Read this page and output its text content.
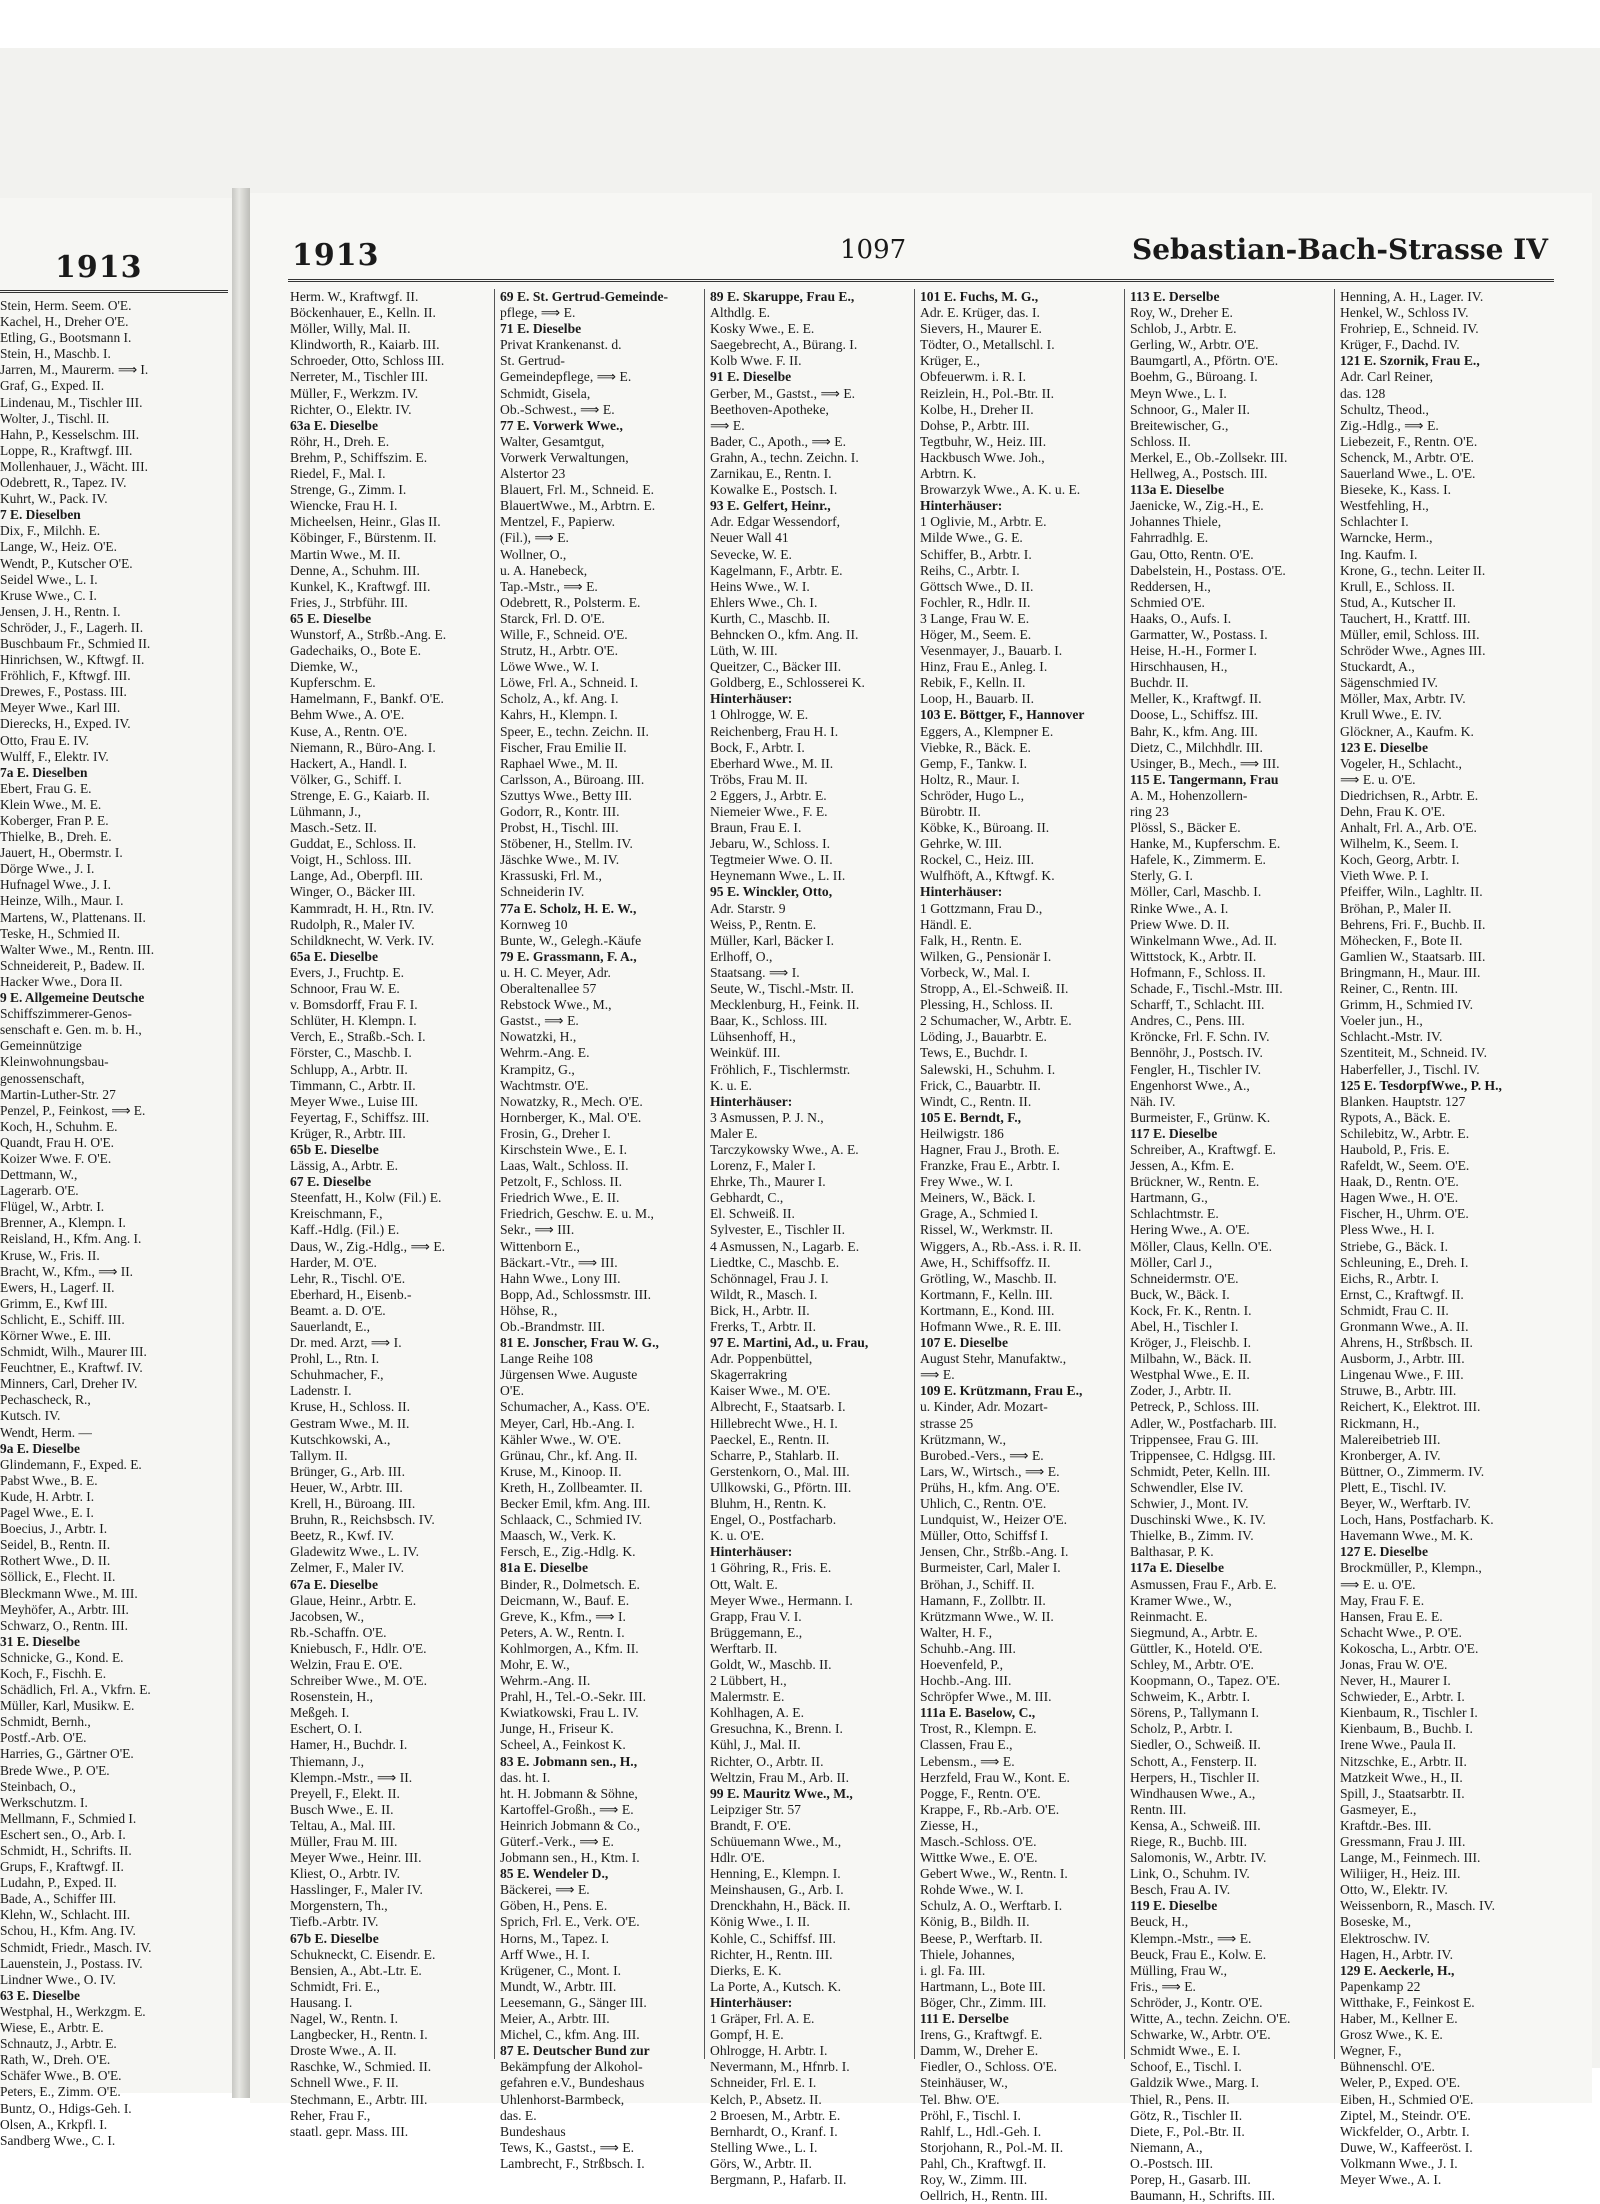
1913
Stein, Herm. Seem. O'E.
Kachel, H., Dreher O'E.
Etling, G., Bootsmann I.
Stein, H., Maschb. I.
Jarren, M., Maurerm. ⟹ I.
Graf, G., Exped. II.
Lindenau, M., Tischler III.
Wolter, J., Tischl. II.
Hahn, P., Kesselschm. III.
Loppe, R., Kraftwgf. III.
Mollenhauer, J., Wächt. III.
Odebrett, R., Tapez. IV.
Kuhrt, W., Pack. IV.
7 E. Dieselben
Dix, F., Milchh. E.
Lange, W., Heiz. O'E.
Wendt, P., Kutscher O'E.
Seidel Wwe., L. I.
Kruse Wwe., C. I.
Jensen, J. H., Rentn. I.
Schröder, J., F., Lagerh. II.
Buschbaum Fr., Schmied II.
Hinrichsen, W., Kftwgf. II.
Fröhlich, F., Kftwgf. III.
Drewes, F., Postass. III.
Meyer Wwe., Karl III.
Dierecks, H., Exped. IV.
Otto, Frau E. IV.
Wulff, F., Elektr. IV.
7a E. Dieselben
Ebert, Frau G. E.
Klein Wwe., M. E.
Koberger, Fran P. E.
Thielke, B., Dreh. E.
Jauert, H., Obermstr. I.
Dörge Wwe., J. I.
Hufnagel Wwe., J. I.
Heinze, Wilh., Maur. I.
Martens, W., Plattenans. II.
Teske, H., Schmied II.
Walter Wwe., M., Rentn. III.
Schneidereit, P., Badew. II.
Hacker Wwe., Dora II.
9 E. Allgemeine Deutsche
Schiffszimmerer-Genos-
senschaft e. Gen. m. b. H.,
Gemeinnützige
Kleinwohnungsbau-
genossenschaft,
Martin-Luther-Str. 27
Penzel, P., Feinkost, ⟹ E.
Koch, H., Schuhm. E.
Quandt, Frau H. O'E.
Koizer Wwe. F. O'E.
Dettmann, W.,
Lagerarb. O'E.
Flügel, W., Arbtr. I.
Brenner, A., Klempn. I.
Reisland, H., Kfm. Ang. I.
Kruse, W., Fris. II.
Bracht, W., Kfm., ⟹ II.
Ewers, H., Lagerf. II.
Grimm, E., Kwf III.
Schlicht, E., Schiff. III.
Körner Wwe., E. III.
Schmidt, Wilh., Maurer III.
Feuchtner, E., Kraftwf. IV.
Minners, Carl, Dreher IV.
Pechascheck, R.,
Kutsch. IV.
Wendt, Herm. —
9a E. Dieselbe
Glindemann, F., Exped. E.
Pabst Wwe., B. E.
Kude, H. Arbtr. I.
Pagel Wwe., E. I.
Boecius, J., Arbtr. I.
Seidel, B., Rentn. II.
Rothert Wwe., D. II.
Söllick, E., Flecht. II.
Bleckmann Wwe., M. III.
Meyhöfer, A., Arbtr. III.
Schwarz, O., Rentn. III.
31 E. Dieselbe
Schnicke, G., Kond. E.
Koch, F., Fischh. E.
Schädlich, Frl. A., Vkfrn. E.
Müller, Karl, Musikw. E.
Schmidt, Bernh.,
Postf.-Arb. O'E.
Harries, G., Gärtner O'E.
Brede Wwe., P. O'E.
Steinbach, O.,
Werkschutzm. I.
Mellmann, F., Schmied I.
Eschert sen., O., Arb. I.
Schmidt, H., Schrifts. II.
Grups, F., Kraftwgf. II.
Ludahn, P., Exped. II.
Bade, A., Schiffer III.
Klehn, W., Schlacht. III.
Schou, H., Kfm. Ang. IV.
Schmidt, Friedr., Masch. IV.
Lauenstein, J., Postass. IV.
Lindner Wwe., O. IV.
63 E. Dieselbe
Westphal, H., Werkzgm. E.
Wiese, E., Arbtr. E.
Schnautz, J., Arbtr. E.
Rath, W., Dreh. O'E.
Schäfer Wwe., B. O'E.
Peters, E., Zimm. O'E.
Buntz, O., Hdigs-Geh. I.
Olsen, A., Krkpfl. I.
Sandberg Wwe., C. I.
1913	1097	Sebastian-Bach-Strasse IV
Herm. W., Kraftwgf. II.
Böckenhauer, E., Kelln. II.
Möller, Willy, Mal. II.
Klindworth, R., Kaiarb. III.
Schroeder, Otto, Schloss III.
Nerreter, M., Tischler III.
Müller, F., Werkzm. IV.
Richter, O., Elektr. IV.
63a E. Dieselbe
Röhr, H., Dreh. E.
Brehm, P., Schiffszim. E.
Riedel, F., Mal. I.
Strenge, G., Zimm. I.
Wiencke, Frau H. I.
Micheelsen, Heinr., Glas II.
Köbinger, F., Bürstenm. II.
Martin Wwe., M. II.
Denne, A., Schuhm. III.
Kunkel, K., Kraftwgf. III.
Fries, J., Strbführ. III.
65 E. Dieselbe
Wunstorf, A., Strßb.-Ang. E.
Gadechaiks, O., Bote E.
Diemke, W.,
Kupferschm. E.
Hamelmann, F., Bankf. O'E.
Behm Wwe., A. O'E.
Kuse, A., Rentn. O'E.
Niemann, R., Büro-Ang. I.
Hackert, A., Handl. I.
Völker, G., Schiff. I.
Strenge, E. G., Kaiarb. II.
Lühmann, J.,
Masch.-Setz. II.
Guddat, E., Schloss. II.
Voigt, H., Schloss. III.
Lange, Ad., Oberpfl. III.
Winger, O., Bäcker III.
Kammradt, H. H., Rtn. IV.
Rudolph, R., Maler IV.
Schildknecht, W. Verk. IV.
65a E. Dieselbe
Evers, J., Fruchtp. E.
Schnoor, Frau W. E.
v. Bomsdorff, Frau F. I.
Schlüter, H. Klempn. I.
Verch, E., Straßb.-Sch. I.
Förster, C., Maschb. I.
Schlupp, A., Arbtr. II.
Timmann, C., Arbtr. II.
Meyer Wwe., Luise III.
Feyertag, F., Schiffsz. III.
Krüger, R., Arbtr. III.
65b E. Dieselbe
Lässig, A., Arbtr. E.
67 E. Dieselbe
Steenfatt, H., Kolw (Fil.) E.
Kreischmann, F.,
Kaff.-Hdlg. (Fil.) E.
Daus, W., Zig.-Hdlg., ⟹ E.
Harder, M. O'E.
Lehr, R., Tischl. O'E.
Eberhard, H., Eisenb.-
Beamt. a. D. O'E.
Sauerlandt, E.,
Dr. med. Arzt, ⟹ I.
Prohl, L., Rtn. I.
Schuhmacher, F.,
Ladenstr. I.
Kruse, H., Schloss. II.
Gestram Wwe., M. II.
Kutschkowski, A.,
Tallym. II.
Brünger, G., Arb. III.
Heuer, W., Arbtr. III.
Krell, H., Büroang. III.
Bruhn, R., Reichsbsch. IV.
Beetz, R., Kwf. IV.
Gladewitz Wwe., L. IV.
Zelmer, F., Maler IV.
67a E. Dieselbe
Glaue, Heinr., Arbtr. E.
Jacobsen, W.,
Rb.-Schaffn. O'E.
Kniebusch, F., Hdlr. O'E.
Welzin, Frau E. O'E.
Schreiber Wwe., M. O'E.
Rosenstein, H.,
Meßgeh. I.
Eschert, O. I.
Hamer, H., Buchdr. I.
Thiemann, J.,
Klempn.-Mstr., ⟹ II.
Preyell, F., Elekt. II.
Busch Wwe., E. II.
Teltau, A., Mal. III.
Müller, Frau M. III.
Meyer Wwe., Heinr. III.
Kliest, O., Arbtr. IV.
Hasslinger, F., Maler IV.
Morgenstern, Th.,
Tiefb.-Arbtr. IV.
67b E. Dieselbe
Schukneckt, C. Eisendr. E.
Bensien, A., Abt.-Ltr. E.
Schmidt, Fri. E.,
Hausang. I.
Nagel, W., Rentn. I.
Langbecker, H., Rentn. I.
Droste Wwe., A. II.
Raschke, W., Schmied. II.
Schnell Wwe., F. II.
Stechmann, E., Arbtr. III.
Reher, Frau F.,
staatl. gepr. Mass. III.
69 E. St. Gertrud-Gemeinde-
pflege, ⟹ E.
71 E. Dieselbe
Privat Krankenanst. d.
St. Gertrud-
Gemeindepflege, ⟹ E.
Schmidt, Gisela,
Ob.-Schwest., ⟹ E.
77 E. Vorwerk Wwe.,
Walter, Gesamtgut,
Vorwerk Verwaltungen,
Alstertor 23
Blauert, Frl. M., Schneid. E.
BlauertWwe., M., Arbtrn. E.
Mentzel, F., Papierw.
(Fil.), ⟹ E.
Wollner, O.,
u. A. Hanebeck,
Tap.-Mstr., ⟹ E.
Odebrett, R., Polsterm. E.
Starck, Frl. D. O'E.
Wille, F., Schneid. O'E.
Strutz, H., Arbtr. O'E.
Löwe Wwe., W. I.
Löwe, Frl. A., Schneid. I.
Scholz, A., kf. Ang. I.
Kahrs, H., Klempn. I.
Speer, E., techn. Zeichn. II.
Fischer, Frau Emilie II.
Raphael Wwe., M. II.
Carlsson, A., Büroang. III.
Szuttys Wwe., Betty III.
Godorr, R., Kontr. III.
Probst, H., Tischl. III.
Stöbener, H., Stellm. IV.
Jäschke Wwe., M. IV.
Krassuski, Frl. M.,
Schneiderin IV.
77a E. Scholz, H. E. W.,
Kornweg 10
Bunte, W., Gelegh.-Käufe
79 E. Grassmann, F. A.,
u. H. C. Meyer, Adr.
Oberaltenallee 57
Rebstock Wwe., M.,
Gastst., ⟹ E.
Nowatzki, H.,
Wehrm.-Ang. E.
Krampitz, G.,
Wachtmstr. O'E.
Nowatzky, R., Mech. O'E.
Hornberger, K., Mal. O'E.
Frosin, G., Dreher I.
Kirschstein Wwe., E. I.
Laas, Walt., Schloss. II.
Petzolt, F., Schloss. II.
Friedrich Wwe., E. II.
Friedrich, Geschw. E. u. M.,
Sekr., ⟹ III.
Wittenborn E.,
Bäckart.-Vtr., ⟹ III.
Hahn Wwe., Lony III.
Bopp, Ad., Schlossmstr. III.
Höhse, R.,
Ob.-Brandmstr. III.
81 E. Jonscher, Frau W. G.,
Lange Reihe 108
Jürgensen Wwe. Auguste
O'E.
Schumacher, A., Kass. O'E.
Meyer, Carl, Hb.-Ang. I.
Kähler Wwe., W. O'E.
Grünau, Chr., kf. Ang. II.
Kruse, M., Kinoop. II.
Kreth, H., Zollbeamter. II.
Becker Emil, kfm. Ang. III.
Schlaack, C., Schmied IV.
Maasch, W., Verk. K.
Fersch, E., Zig.-Hdlg. K.
81a E. Dieselbe
Binder, R., Dolmetsch. E.
Deicmann, W., Bauf. E.
Greve, K., Kfm., ⟹ I.
Peters, A. W., Rentn. I.
Kohlmorgen, A., Kfm. II.
Mohr, E. W.,
Wehrm.-Ang. II.
Prahl, H., Tel.-O.-Sekr. III.
Kwiatkowski, Frau L. IV.
Junge, H., Friseur K.
Scheel, A., Feinkost K.
83 E. Jobmann sen., H.,
das. ht. I.
ht. H. Jobmann & Söhne,
Kartoffel-Großh., ⟹ E.
Heinrich Jobmann & Co.,
Güterf.-Verk., ⟹ E.
Jobmann sen., H., Ktm. I.
85 E. Wendeler D.,
Bäckerei, ⟹ E.
Göben, H., Pens. E.
Sprich, Frl. E., Verk. O'E.
Horns, M., Tapez. I.
Arff Wwe., H. I.
Krügener, C., Mont. I.
Mundt, W., Arbtr. III.
Leesemann, G., Sänger III.
Meier, A., Arbtr. III.
Michel, C., kfm. Ang. III.
87 E. Deutscher Bund zur
Bekämpfung der Alkohol-
gefahren e.V., Bundeshaus
Uhlenhorst-Barmbeck,
das. E.
Bundeshaus
Tews, K., Gastst., ⟹ E.
Lambrecht, F., Strßbsch. I.
89 E. Skaruppe, Frau E.,
Althdlg. E.
Kosky Wwe., E. E.
Saegebrecht, A., Bürang. I.
Kolb Wwe. F. II.
91 E. Dieselbe
Gerber, M., Gastst., ⟹ E.
Beethoven-Apotheke,
⟹ E.
Bader, C., Apoth., ⟹ E.
Grahn, A., techn. Zeichn. I.
Zarnikau, E., Rentn. I.
Kowalke E., Postsch. I.
93 E. Gelfert, Heinr.,
Adr. Edgar Wessendorf,
Neuer Wall 41
Sevecke, W. E.
Kagelmann, F., Arbtr. E.
Heins Wwe., W. I.
Ehlers Wwe., Ch. I.
Kurth, C., Maschb. II.
Behncken O., kfm. Ang. II.
Lüth, W. III.
Queitzer, C., Bäcker III.
Goldberg, E., Schlosserei K.
Hinterhäuser:
1 Ohlrogge, W. E.
Reichenberg, Frau H. I.
Bock, F., Arbtr. I.
Eberhard Wwe., M. II.
Tröbs, Frau M. II.
2 Eggers, J., Arbtr. E.
Niemeier Wwe., F. E.
Braun, Frau E. I.
Jebaru, W., Schloss. I.
Tegtmeier Wwe. O. II.
Heynemann Wwe., L. II.
95 E. Winckler, Otto,
Adr. Starstr. 9
Weiss, P., Rentn. E.
Müller, Karl, Bäcker I.
Erlhoff, O.,
Staatsang. ⟹ I.
Seute, W., Tischl.-Mstr. II.
Mecklenburg, H., Feink. II.
Baar, K., Schloss. III.
Lühsenhoff, H.,
Weinküf. III.
Fröhlich, F., Tischlermstr.
K. u. E.
Hinterhäuser:
3 Asmussen, P. J. N.,
Maler E.
Tarczykowsky Wwe., A. E.
Lorenz, F., Maler I.
Ehrke, Th., Maurer I.
Gebhardt, C.,
El. Schweiß. II.
Sylvester, E., Tischler II.
4 Asmussen, N., Lagarb. E.
Liedtke, C., Maschb. E.
Schönnagel, Frau J. I.
Wildt, R., Masch. I.
Bick, H., Arbtr. II.
Frerks, T., Arbtr. II.
97 E. Martini, Ad., u. Frau,
Adr. Poppenbüttel,
Skagerrakring
Kaiser Wwe., M. O'E.
Albrecht, F., Staatsarb. I.
Hillebrecht Wwe., H. I.
Paeckel, E., Rentn. II.
Scharre, P., Stahlarb. II.
Gerstenkorn, O., Mal. III.
Ullkowski, G., Pförtn. III.
Bluhm, H., Rentn. K.
Engel, O., Postfacharb.
K. u. O'E.
Hinterhäuser:
1 Göhring, R., Fris. E.
Ott, Walt. E.
Meyer Wwe., Hermann. I.
Grapp, Frau V. I.
Brüggemann, E.,
Werftarb. II.
Goldt, W., Maschb. II.
2 Lübbert, H.,
Malermstr. E.
Kohlhagen, A. E.
Gresuchna, K., Brenn. I.
Kühl, J., Mal. II.
Richter, O., Arbtr. II.
Weltzin, Frau M., Arb. II.
99 E. Mauritz Wwe., M.,
Leipziger Str. 57
Brandt, F. O'E.
Schüuemann Wwe., M.,
Hdlr. O'E.
Henning, E., Klempn. I.
Meinshausen, G., Arb. I.
Drenckhahn, H., Bäck. II.
König Wwe., I. II.
Kohle, C., Schiffsf. III.
Richter, H., Rentn. III.
Dierks, E. K.
La Porte, A., Kutsch. K.
Hinterhäuser:
1 Gräper, Frl. A. E.
Gompf, H. E.
Ohlrogge, H. Arbtr. I.
Nevermann, M., Hfnrb. I.
Schneider, Frl. E. I.
Kelch, P., Absetz. II.
2 Broesen, M., Arbtr. E.
Bernhardt, O., Kranf. I.
Stelling Wwe., L. I.
Görs, W., Arbtr. II.
Bergmann, P., Hafarb. II.
101 E. Fuchs, M. G.,
Adr. E. Krüger, das. I.
Sievers, H., Maurer E.
Tödter, O., Metallschl. I.
Krüger, E.,
Obfeuerwm. i. R. I.
Reizlein, H., Pol.-Btr. II.
Kolbe, H., Dreher II.
Dohse, P., Arbtr. III.
Tegtbuhr, W., Heiz. III.
Hackbusch Wwe. Joh.,
Arbtrn. K.
Browarzyk Wwe., A. K. u. E.
Hinterhäuser:
1 Oglivie, M., Arbtr. E.
Milde Wwe., G. E.
Schiffer, B., Arbtr. I.
Reihs, C., Arbtr. I.
Göttsch Wwe., D. II.
Fochler, R., Hdlr. II.
3 Lange, Frau W. E.
Höger, M., Seem. E.
Vesenmayer, J., Bauarb. I.
Hinz, Frau E., Anleg. I.
Rebik, F., Kelln. II.
Loop, H., Bauarb. II.
103 E. Böttger, F., Hannover
Eggers, A., Klempner E.
Viebke, R., Bäck. E.
Gemp, F., Tankw. I.
Holtz, R., Maur. I.
Schröder, Hugo L.,
Bürobtr. II.
Köbke, K., Büroang. II.
Gehrke, W. III.
Rockel, C., Heiz. III.
Wulfhöft, A., Kftwgf. K.
Hinterhäuser:
1 Gottzmann, Frau D.,
Händl. E.
Falk, H., Rentn. E.
Wilken, G., Pensionär I.
Vorbeck, W., Mal. I.
Stropp, A., El.-Schweiß. II.
Plessing, H., Schloss. II.
2 Schumacher, W., Arbtr. E.
Löding, J., Bauarbtr. E.
Tews, E., Buchdr. I.
Salewski, H., Schuhm. I.
Frick, C., Bauarbtr. II.
Windt, C., Rentn. II.
105 E. Berndt, F.,
Heilwigstr. 186
Hagner, Frau J., Broth. E.
Franzke, Frau E., Arbtr. I.
Frey Wwe., W. I.
Meiners, W., Bäck. I.
Grage, A., Schmied I.
Rissel, W., Werkmstr. II.
Wiggers, A., Rb.-Ass. i. R. II.
Awe, H., Schiffsoffz. II.
Grötling, W., Maschb. II.
Kortmann, F., Kelln. III.
Kortmann, E., Kond. III.
Hofmann Wwe., R. E. III.
107 E. Dieselbe
August Stehr, Manufaktw.,
⟹ E.
109 E. Krützmann, Frau E.,
u. Kinder, Adr. Mozart-
strasse 25
Krützmann, W.,
Burobed.-Vers., ⟹ E.
Lars, W., Wirtsch., ⟹ E.
Prühs, H., kfm. Ang. O'E.
Uhlich, C., Rentn. O'E.
Lundquist, W., Heizer O'E.
Müller, Otto, Schiffsf I.
Jensen, Chr., Strßb.-Ang. I.
Burmeister, Carl, Maler I.
Bröhan, J., Schiff. II.
Hamann, F., Zollbtr. II.
Krützmann Wwe., W. II.
Walter, H. F.,
Schuhb.-Ang. III.
Hoevenfeld, P.,
Hochb.-Ang. III.
Schröpfer Wwe., M. III.
111a E. Baselow, C.,
Trost, R., Klempn. E.
Classen, Frau E.,
Lebensm., ⟹ E.
Herzfeld, Frau W., Kont. E.
Pogge, F., Rentn. O'E.
Krappe, F., Rb.-Arb. O'E.
Ziesse, H.,
Masch.-Schloss. O'E.
Wittke Wwe., E. O'E.
Gebert Wwe., W., Rentn. I.
Rohde Wwe., W. I.
Schulz, A. O., Werftarb. I.
König, B., Bildh. II.
Beese, P., Werftarb. II.
Thiele, Johannes,
i. gl. Fa. III.
Hartmann, L., Bote III.
Böger, Chr., Zimm. III.
111 E. Derselbe
Irens, G., Kraftwgf. E.
Damm, W., Dreher E.
Fiedler, O., Schloss. O'E.
Steinhäuser, W.,
Tel. Bhw. O'E.
Pröhl, F., Tischl. I.
Rahlf, L., Hdl.-Geh. I.
Storjohann, R., Pol.-M. II.
Pahl, Ch., Kraftwgf. II.
Roy, W., Zimm. III.
Oellrich, H., Rentn. III.
113 E. Derselbe
Roy, W., Dreher E.
Schlob, J., Arbtr. E.
Gerling, W., Arbtr. O'E.
Baumgartl, A., Pförtn. O'E.
Boehm, G., Büroang. I.
Meyn Wwe., L. I.
Schnoor, G., Maler II.
Breitewischer, G.,
Schloss. II.
Merkel, E., Ob.-Zollsekr. III.
Hellweg, A., Postsch. III.
113a E. Dieselbe
Jaenicke, W., Zig.-H., E.
Johannes Thiele,
Fahrradhlg. E.
Gau, Otto, Rentn. O'E.
Dabelstein, H., Postass. O'E.
Reddersen, H.,
Schmied O'E.
Haaks, O., Aufs. I.
Garmatter, W., Postass. I.
Heise, H.-H., Former I.
Hirschhausen, H.,
Buchdr. II.
Meller, K., Kraftwgf. II.
Doose, L., Schiffsz. III.
Bahr, K., kfm. Ang. III.
Dietz, C., Milchhdlr. III.
Usinger, B., Mech., ⟹ III.
115 E. Tangermann, Frau
A. M., Hohenzollern-
ring 23
Plössl, S., Bäcker E.
Hanke, M., Kupferschm. E.
Hafele, K., Zimmerm. E.
Sterly, G. I.
Möller, Carl, Maschb. I.
Rinke Wwe., A. I.
Priew Wwe. D. II.
Winkelmann Wwe., Ad. II.
Wittstock, K., Arbtr. II.
Hofmann, F., Schloss. II.
Schade, F., Tischl.-Mstr. III.
Scharff, T., Schlacht. III.
Andres, C., Pens. III.
Kröncke, Frl. F. Schn. IV.
Bennöhr, J., Postsch. IV.
Fengler, H., Tischler IV.
Engenhorst Wwe., A.,
Näh. IV.
Burmeister, F., Grünw. K.
117 E. Dieselbe
Schreiber, A., Kraftwgf. E.
Jessen, A., Kfm. E.
Brückner, W., Rentn. E.
Hartmann, G.,
Schlachtmstr. E.
Hering Wwe., A. O'E.
Möller, Claus, Kelln. O'E.
Möller, Carl J.,
Schneidermstr. O'E.
Buck, W., Bäck. I.
Kock, Fr. K., Rentn. I.
Abel, H., Tischler I.
Kröger, J., Fleischb. I.
Milbahn, W., Bäck. II.
Westphal Wwe., E. II.
Zoder, J., Arbtr. II.
Petreck, P., Schloss. III.
Adler, W., Postfacharb. III.
Trippensee, Frau G. III.
Trippensee, C. Hdlgsg. III.
Schmidt, Peter, Kelln. III.
Schwendler, Else IV.
Schwier, J., Mont. IV.
Duschinski Wwe., K. IV.
Thielke, B., Zimm. IV.
Balthasar, P. K.
117a E. Dieselbe
Asmussen, Frau F., Arb. E.
Kramer Wwe., W.,
Reinmacht. E.
Siegmund, A., Arbtr. E.
Güttler, K., Hoteld. O'E.
Schley, M., Arbtr. O'E.
Koopmann, O., Tapez. O'E.
Schweim, K., Arbtr. I.
Sörens, P., Tallymann I.
Scholz, P., Arbtr. I.
Siedler, O., Schweiß. II.
Schott, A., Fensterp. II.
Herpers, H., Tischler II.
Windhausen Wwe., A.,
Rentn. III.
Kensa, A., Schweiß. III.
Riege, R., Buchb. III.
Salomonis, W., Arbtr. IV.
Link, O., Schuhm. IV.
Besch, Frau A. IV.
119 E. Dieselbe
Beuck, H.,
Klempn.-Mstr., ⟹ E.
Beuck, Frau E., Kolw. E.
Mülling, Frau W.,
Fris., ⟹ E.
Schröder, J., Kontr. O'E.
Witte, A., techn. Zeichn. O'E.
Schwarke, W., Arbtr. O'E.
Schmidt Wwe., E. I.
Schoof, E., Tischl. I.
Galdzik Wwe., Marg. I.
Thiel, R., Pens. II.
Götz, R., Tischler II.
Diete, F., Pol.-Btr. II.
Niemann, A.,
O.-Postsch. III.
Porep, H., Gasarb. III.
Baumann, H., Schrifts. III.
Henning, A. H., Lager. IV.
Henkel, W., Schloss IV.
Frohriep, E., Schneid. IV.
Krüger, F., Dachd. IV.
121 E. Szornik, Frau E.,
Adr. Carl Reiner,
das. 128
Schultz, Theod.,
Zig.-Hdlg., ⟹ E.
Liebezeit, F., Rentn. O'E.
Schenck, M., Arbtr. O'E.
Sauerland Wwe., L. O'E.
Bieseke, K., Kass. I.
Westfehling, H.,
Schlachter I.
Warncke, Herm.,
Ing. Kaufm. I.
Krone, G., techn. Leiter II.
Krull, E., Schloss. II.
Stud, A., Kutscher II.
Tauchert, H., Krattf. III.
Müller, emil, Schloss. III.
Schröder Wwe., Agnes III.
Stuckardt, A.,
Sägenschmied IV.
Möller, Max, Arbtr. IV.
Krull Wwe., E. IV.
Glöckner, A., Kaufm. K.
123 E. Dieselbe
Vogeler, H., Schlacht.,
⟹ E. u. O'E.
Diedrichsen, R., Arbtr. E.
Dehn, Frau K. O'E.
Anhalt, Frl. A., Arb. O'E.
Wilhelm, K., Seem. I.
Koch, Georg, Arbtr. I.
Vieth Wwe. P. I.
Pfeiffer, Wiln., Laghltr. II.
Bröhan, P., Maler II.
Behrens, Fri. F., Buchb. II.
Möhecken, F., Bote II.
Gamlien W., Staatsarb. III.
Bringmann, H., Maur. III.
Reiner, C., Rentn. III.
Grimm, H., Schmied IV.
Voeler jun., H.,
Schlacht.-Mstr. IV.
Szentiteit, M., Schneid. IV.
Haberfeller, J., Tischl. IV.
125 E. TesdorpfWwe., P. H.,
Blanken. Hauptstr. 127
Rypots, A., Bäck. E.
Schilebitz, W., Arbtr. E.
Haubold, P., Fris. E.
Rafeldt, W., Seem. O'E.
Haak, D., Rentn. O'E.
Hagen Wwe., H. O'E.
Fischer, H., Uhrm. O'E.
Pless Wwe., H. I.
Striebe, G., Bäck. I.
Schleuning, E., Dreh. I.
Eichs, R., Arbtr. I.
Ernst, C., Kraftwgf. II.
Schmidt, Frau C. II.
Gronmann Wwe., A. II.
Ahrens, H., Strßbsch. II.
Ausborm, J., Arbtr. III.
Lingenau Wwe., F. III.
Struwe, B., Arbtr. III.
Reichert, K., Elektrot. III.
Rickmann, H.,
Malereibetrieb III.
Kronberger, A. IV.
Büttner, O., Zimmerm. IV.
Plett, E., Tischl. IV.
Beyer, W., Werftarb. IV.
Loch, Hans, Postfacharb. K.
Havemann Wwe., M. K.
127 E. Dieselbe
Brockmüller, P., Klempn.,
⟹ E. u. O'E.
May, Frau F. E.
Hansen, Frau E. E.
Schacht Wwe., P. O'E.
Kokoscha, L., Arbtr. O'E.
Jonas, Frau W. O'E.
Never, H., Maurer I.
Schwieder, E., Arbtr. I.
Kienbaum, R., Tischler I.
Kienbaum, B., Buchb. I.
Irene Wwe., Paula II.
Nitzschke, E., Arbtr. II.
Matzkeit Wwe., H., II.
Spill, J., Staatsarbtr. II.
Gasmeyer, E.,
Kraftdr.-Bes. III.
Gressmann, Frau J. III.
Lange, M., Feinmech. III.
Wiliiger, H., Heiz. III.
Otto, W., Elektr. IV.
Weissenborn, R., Masch. IV.
Boseske, M.,
Elektroschw. IV.
Hagen, H., Arbtr. IV.
129 E. Aeckerle, H.,
Papenkamp 22
Witthake, F., Feinkost E.
Haber, M., Kellner E.
Grosz Wwe., K. E.
Wegner, F.,
Bühnenschl. O'E.
Weler, P., Exped. O'E.
Eiben, H., Schmied O'E.
Ziptel, M., Steindr. O'E.
Wickfelder, O., Arbtr. I.
Duwe, W., Kaffeeröst. I.
Volkmann Wwe., J. I.
Meyer Wwe., A. I.
